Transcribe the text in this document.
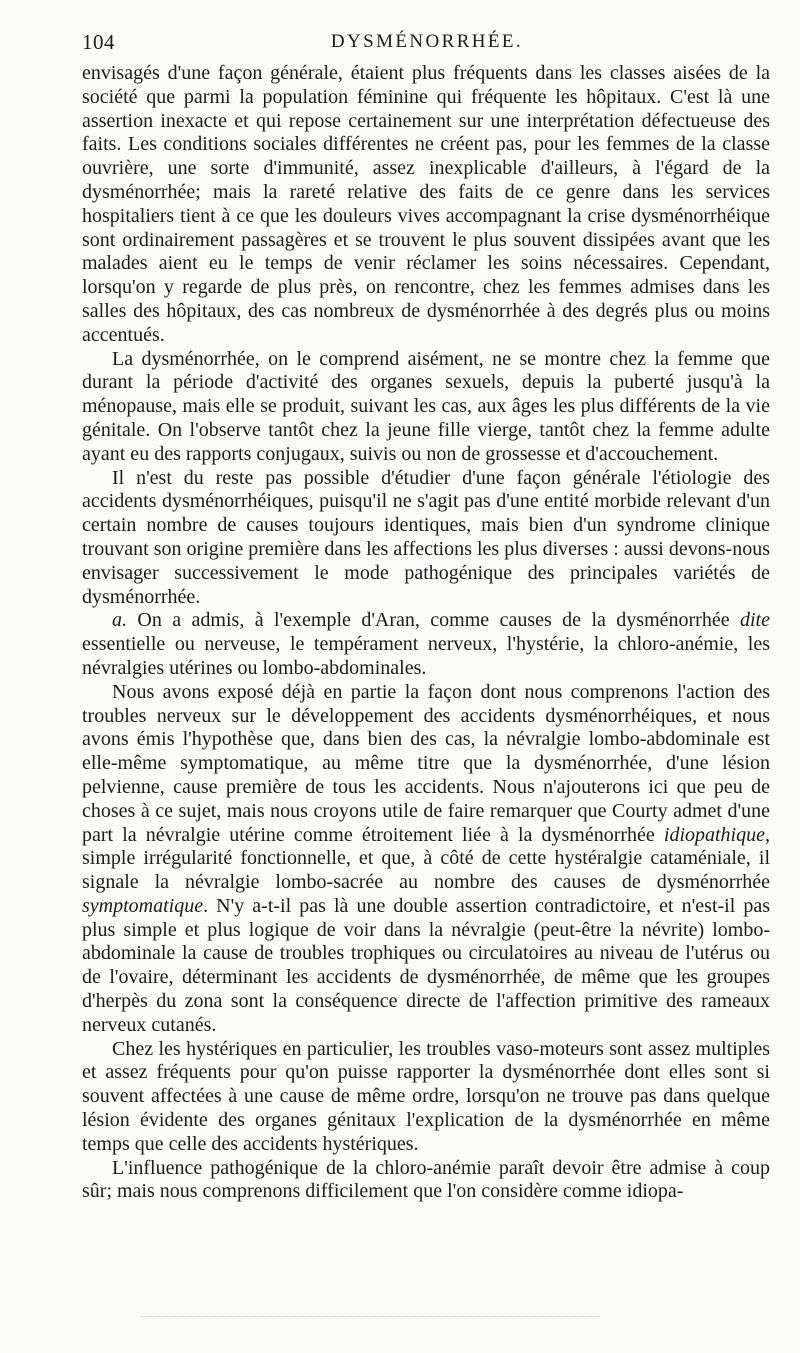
104	DYSMÉNORRHÉE.

envisagés d'une façon générale, étaient plus fréquents dans les classes aisées de la société que parmi la population féminine qui fréquente les hôpitaux. C'est là une assertion inexacte et qui repose certainement sur une interprétation défectueuse des faits. Les conditions sociales différentes ne créent pas, pour les femmes de la classe ouvrière, une sorte d'immunité, assez inexplicable d'ailleurs, à l'égard de la dysménorrhée; mais la rareté relative des faits de ce genre dans les services hospitaliers tient à ce que les douleurs vives accompagnant la crise dysménorrhéique sont ordinairement passagères et se trouvent le plus souvent dissipées avant que les malades aient eu le temps de venir réclamer les soins nécessaires. Cependant, lorsqu'on y regarde de plus près, on rencontre, chez les femmes admises dans les salles des hôpitaux, des cas nombreux de dysménorrhée à des degrés plus ou moins accentués.

La dysménorrhée, on le comprend aisément, ne se montre chez la femme que durant la période d'activité des organes sexuels, depuis la puberté jusqu'à la ménopause, mais elle se produit, suivant les cas, aux âges les plus différents de la vie génitale. On l'observe tantôt chez la jeune fille vierge, tantôt chez la femme adulte ayant eu des rapports conjugaux, suivis ou non de grossesse et d'accouchement.

Il n'est du reste pas possible d'étudier d'une façon générale l'étiologie des accidents dysménorrhéiques, puisqu'il ne s'agit pas d'une entité morbide relevant d'un certain nombre de causes toujours identiques, mais bien d'un syndrome clinique trouvant son origine première dans les affections les plus diverses : aussi devons-nous envisager successivement le mode pathogénique des principales variétés de dysménorrhée.

a. On a admis, à l'exemple d'Aran, comme causes de la dysménorrhée dite essentielle ou nerveuse, le tempérament nerveux, l'hystérie, la chloro-anémie, les névralgies utérines ou lombo-abdominales.

Nous avons exposé déjà en partie la façon dont nous comprenons l'action des troubles nerveux sur le développement des accidents dysménorrhéiques, et nous avons émis l'hypothèse que, dans bien des cas, la névralgie lombo-abdominale est elle-même symptomatique, au même titre que la dysménorrhée, d'une lésion pelvienne, cause première de tous les accidents. Nous n'ajouterons ici que peu de choses à ce sujet, mais nous croyons utile de faire remarquer que Courty admet d'une part la névralgie utérine comme étroitement liée à la dysménorrhée idiopathique, simple irrégularité fonctionnelle, et que, à côté de cette hystéralgie cataméniale, il signale la névralgie lombo-sacrée au nombre des causes de dysménorrhée symptomatique. N'y a-t-il pas là une double assertion contradictoire, et n'est-il pas plus simple et plus logique de voir dans la névralgie (peut-être la névrite) lombo-abdominale la cause de troubles trophiques ou circulatoires au niveau de l'utérus ou de l'ovaire, déterminant les accidents de dysménorrhée, de même que les groupes d'herpès du zona sont la conséquence directe de l'affection primitive des rameaux nerveux cutanés.

Chez les hystériques en particulier, les troubles vaso-moteurs sont assez multiples et assez fréquents pour qu'on puisse rapporter la dysménorrhée dont elles sont si souvent affectées à une cause de même ordre, lorsqu'on ne trouve pas dans quelque lésion évidente des organes génitaux l'explication de la dysménorrhée en même temps que celle des accidents hystériques.

L'influence pathogénique de la chloro-anémie paraît devoir être admise à coup sûr; mais nous comprenons difficilement que l'on considère comme idiopa-
